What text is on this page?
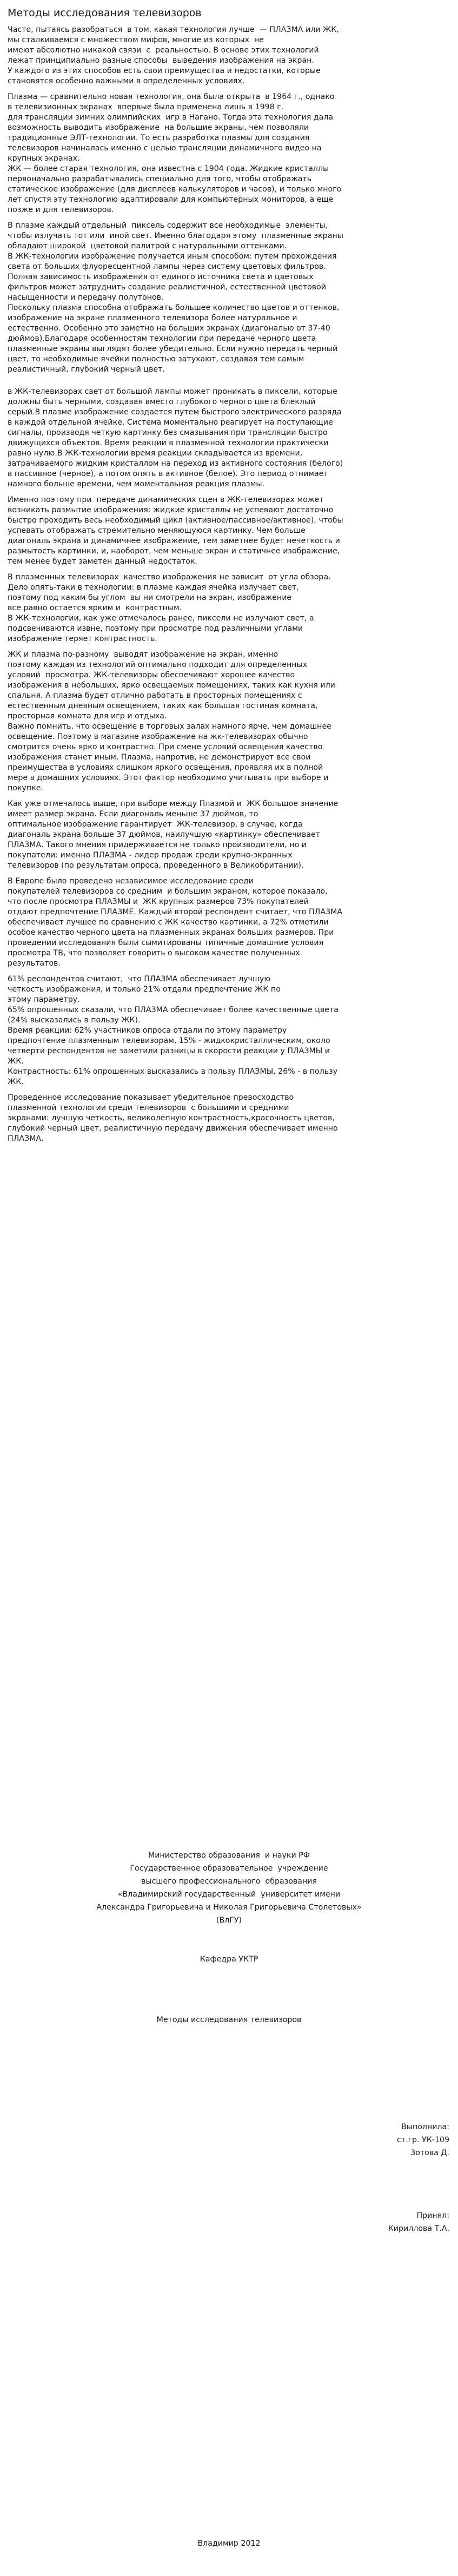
Методы исследования телевизоров
Часто, пытаясь разобраться  в том, какая технология лучше  — ПЛАЗМА или ЖК,
мы сталкиваемся с множеством мифов, многие из которых  не
имеют абсолютно никакой связи  с  реальностью. В основе этих технологий
лежат принципиально разные способы  выведения изображения на экран.
У каждого из этих способов есть свои преимущества и недостатки, которые
становятся особенно важными в определенных условиях.
Плазма — сравнительно новая технология, она была открыта  в 1964 г., однако
в телевизионных экранах  впервые была применена лишь в 1998 г.
для трансляции зимних олимпийских  игр в Нагано. Тогда эта технология дала
возможность выводить изображение  на большие экраны, чем позволяли
традиционные ЭЛТ-технологии. То есть разработка плазмы для создания
телевизоров начиналась именно с целью трансляции динамичного видео на
крупных экранах.
ЖК — более старая технология, она известна с 1904 года. Жидкие кристаллы
первоначально разрабатывались специально для того, чтобы отображать
статическое изображение (для дисплеев калькуляторов и часов), и только много
лет спустя эту технологию адаптировали для компьютерных мониторов, а еще
позже и для телевизоров.
В плазме каждый отдельный  пиксель содержит все необходимые  элементы,
чтобы излучать тот или  иной свет. Именно благодаря этому  плазменные экраны
обладают широкой  цветовой палитрой с натуральными оттенками.
В ЖК-технологии изображение получается иным способом: путем прохождения
света от больших флуоресцентной лампы через систему цветовых фильтров.
Полная зависимость изображения от единого источника света и цветовых
фильтров может затруднить создание реалистичной, естественной цветовой
насыщенности и передачу полутонов.
Поскольку плазма способна отображать большее количество цветов и оттенков,
изображение на экране плазменного телевизора более натуральное и
естественно. Особенно это заметно на больших экранах (диагональю от 37-40
дюймов).Благодаря особенностям технологии при передаче черного цвета
плазменные экраны выглядят более убедительно. Если нужно передать черный
цвет, то необходимые ячейки полностью затухают, создавая тем самым
реалистичный, глубокий черный цвет.
в ЖК-телевизорах свет от большой лампы может проникать в пиксели, которые
должны быть черными, создавая вместо глубокого черного цвета блеклый
серый.В плазме изображение создается путем быстрого электрического разряда
в каждой отдельной ячейке. Система моментально реагирует на поступающие
сигналы, производя четкую картинку без смазывания при трансляции быстро
движущихся объектов. Время реакции в плазменной технологии практически
равно нулю.В ЖК-технологии время реакции складывается из времени,
затрачиваемого жидким кристаллом на переход из активного состояния (белого)
в пассивное (черное), а потом опять в активное (белое). Это период отнимает
намного больше времени, чем моментальная реакция плазмы.
Именно поэтому при  передаче динамических сцен в ЖК-телевизорах может
возникать размытие изображения: жидкие кристаллы не успевают достаточно
быстро проходить весь необходимый цикл (активное/пассивное/активное), чтобы
успевать отображать стремительно меняющуюся картинку. Чем больше
диагональ экрана и динамичнее изображение, тем заметнее будет нечеткость и
размытость картинки, и, наоборот, чем меньше экран и статичнее изображение,
тем менее будет заметен данный недостаток.
В плазменных телевизорах  качество изображения не зависит  от угла обзора.
Дело опять-таки в технологии: в плазме каждая ячейка излучает свет,
поэтому под каким бы углом  вы ни смотрели на экран, изображение
все равно остается ярким и  контрастным.
В ЖК-технологии, как уже отмечалось ранее, пиксели не излучают свет, а
подсвечиваются извне, поэтому при просмотре под различными углами
изображение теряет контрастность.
ЖК и плазма по-разному  выводят изображение на экран, именно
поэтому каждая из технологий оптимально подходит для определенных
условий  просмотра. ЖК-телевизоры обеспечивают хорошее качество
изображения в небольших, ярко освещаемых помещениях, таких как кухня или
спальня. А плазма будет отлично работать в просторных помещениях с
естественным дневным освещением, таких как большая гостиная комната,
просторная комната для игр и отдыха.
Важно помнить, что освещение в торговых залах намного ярче, чем домашнее
освещение. Поэтому в магазине изображение на жк-телевизорах обычно
смотрится очень ярко и контрастно. При смене условий освещения качество
изображения станет иным. Плазма, напротив, не демонстрирует все свои
преимущества в условиях слишком яркого освещения, проявляя их в полной
мере в домашних условиях. Этот фактор необходимо учитывать при выборе и
покупке.
Как уже отмечалось выше, при выборе между Плазмой и  ЖК большое значение
имеет размер экрана. Если диагональ меньше 37 дюймов, то
оптимальное изображение гарантирует  ЖК-телевизор, в случае, когда
диагональ экрана больше 37 дюймов, наилучшую «картинку» обеспечивает
ПЛАЗМА. Такого мнения придерживается не только производители, но и
покупатели: именно ПЛАЗМА - лидер продаж среди крупно-экранных
телевизоров (по результатам опроса, проведенного в Великобритании).
В Европе было проведено независимое исследование среди
покупателей телевизоров со средним  и большим экраном, которое показало,
что после просмотра ПЛАЗМЫ и  ЖК крупных размеров 73% покупателей
отдают предпочтение ПЛАЗМЕ. Каждый второй респондент считает, что ПЛАЗМА
обеспечивает лучшее по сравнению с ЖК качество картинки, а 72% отметили
особое качество черного цвета на плазменных экранах больших размеров. При
проведении исследования были сымитированы типичные домашние условия
просмотра ТВ, что позволяет говорить о высоком качестве полученных
результатов.
61% респондентов считают,  что ПЛАЗМА обеспечивает лучшую
четкость изображения, и только 21% отдали предпочтение ЖК по
этому параметру.
65% опрошенных сказали, что ПЛАЗМА обеспечивает более качественные цвета
(24% высказались в пользу ЖК).
Время реакции: 62% участников опроса отдали по этому параметру
предпочтение плазменным телевизорам, 15% - жидкокристаллическим, около
четверти респондентов не заметили разницы в скорости реакции у ПЛАЗМЫ и
ЖК.
Контрастность: 61% опрошенных высказались в пользу ПЛАЗМЫ, 26% - в пользу
ЖК.
Проведенное исследование показывает убедительное превосходство
плазменной технологии среди телевизоров  с большими и средними
экранами: лучшую четкость, великолепную контрастность,красочность цветов,
глубокий черный цвет, реалистичную передачу движения обеспечивает именно
ПЛАЗМА.
Министерство образования  и науки РФ
Государственное образовательное  учреждение
высшего профессионального  образования
«Владимирский государственный  университет имени
Александра Григорьевича и Николая Григорьевича Столетовых»
(ВлГУ)
Кафедра УКТР
Методы исследования телевизоров
Выполнила:
ст.гр. УК-109
Зотова Д.
Принял:
Кириллова Т.А.
Владимир 2012
